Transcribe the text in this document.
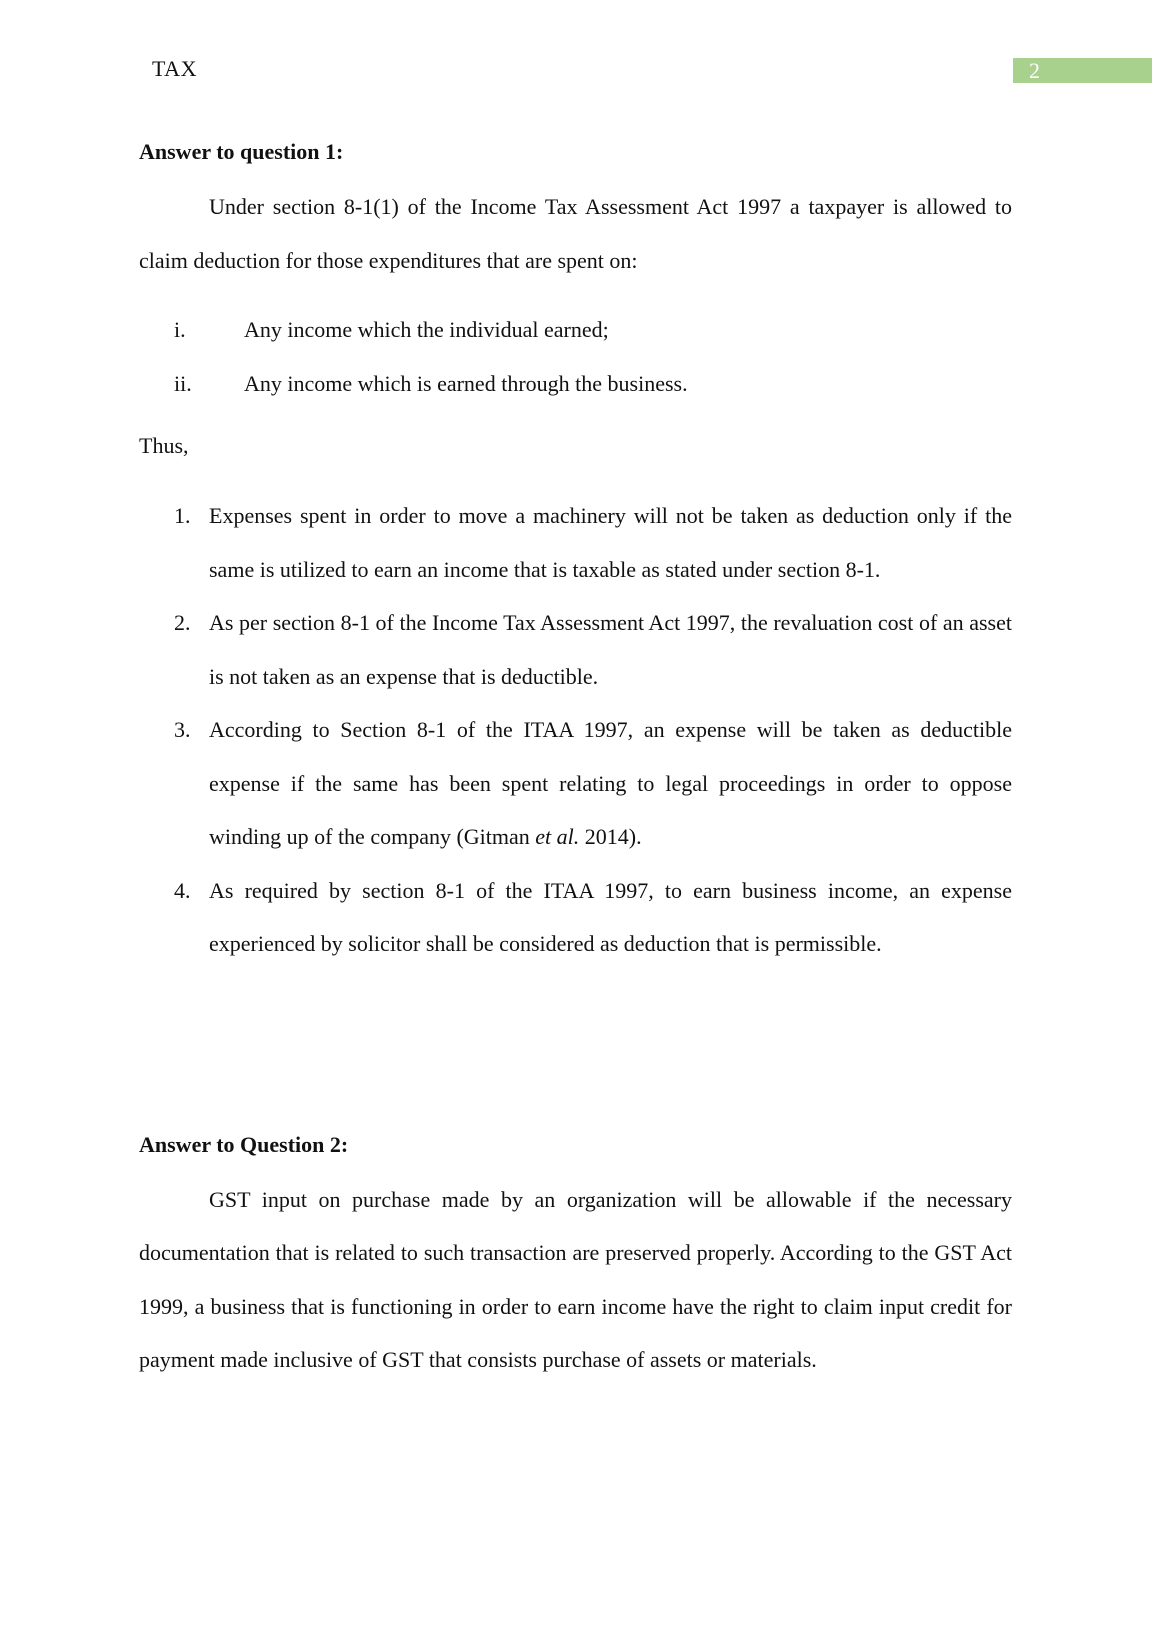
TAX	2

Answer to question 1:

Under section 8-1(1) of the Income Tax Assessment Act 1997 a taxpayer is allowed to claim deduction for those expenditures that are spent on:

i.	Any income which the individual earned;
ii. Any income which is earned through the business.
Thus,
1. Expenses spent in order to move a machinery will not be taken as deduction only if the same is utilized to earn an income that is taxable as stated under section 8-1.
2. As per section 8-1 of the Income Tax Assessment Act 1997, the revaluation cost of an asset is not taken as an expense that is deductible.
3. According to Section 8-1 of the ITAA 1997, an expense will be taken as deductible expense if the same has been spent relating to legal proceedings in order to oppose winding up of the company (Gitman et al. 2014).
4. As required by section 8-1 of the ITAA 1997, to earn business income, an expense experienced by solicitor shall be considered as deduction that is permissible.

Answer to Question 2:

GST input on purchase made by an organization will be allowable if the necessary documentation that is related to such transaction are preserved properly. According to the GST Act 1999, a business that is functioning in order to earn income have the right to claim input credit for payment made inclusive of GST that consists purchase of assets or materials.
